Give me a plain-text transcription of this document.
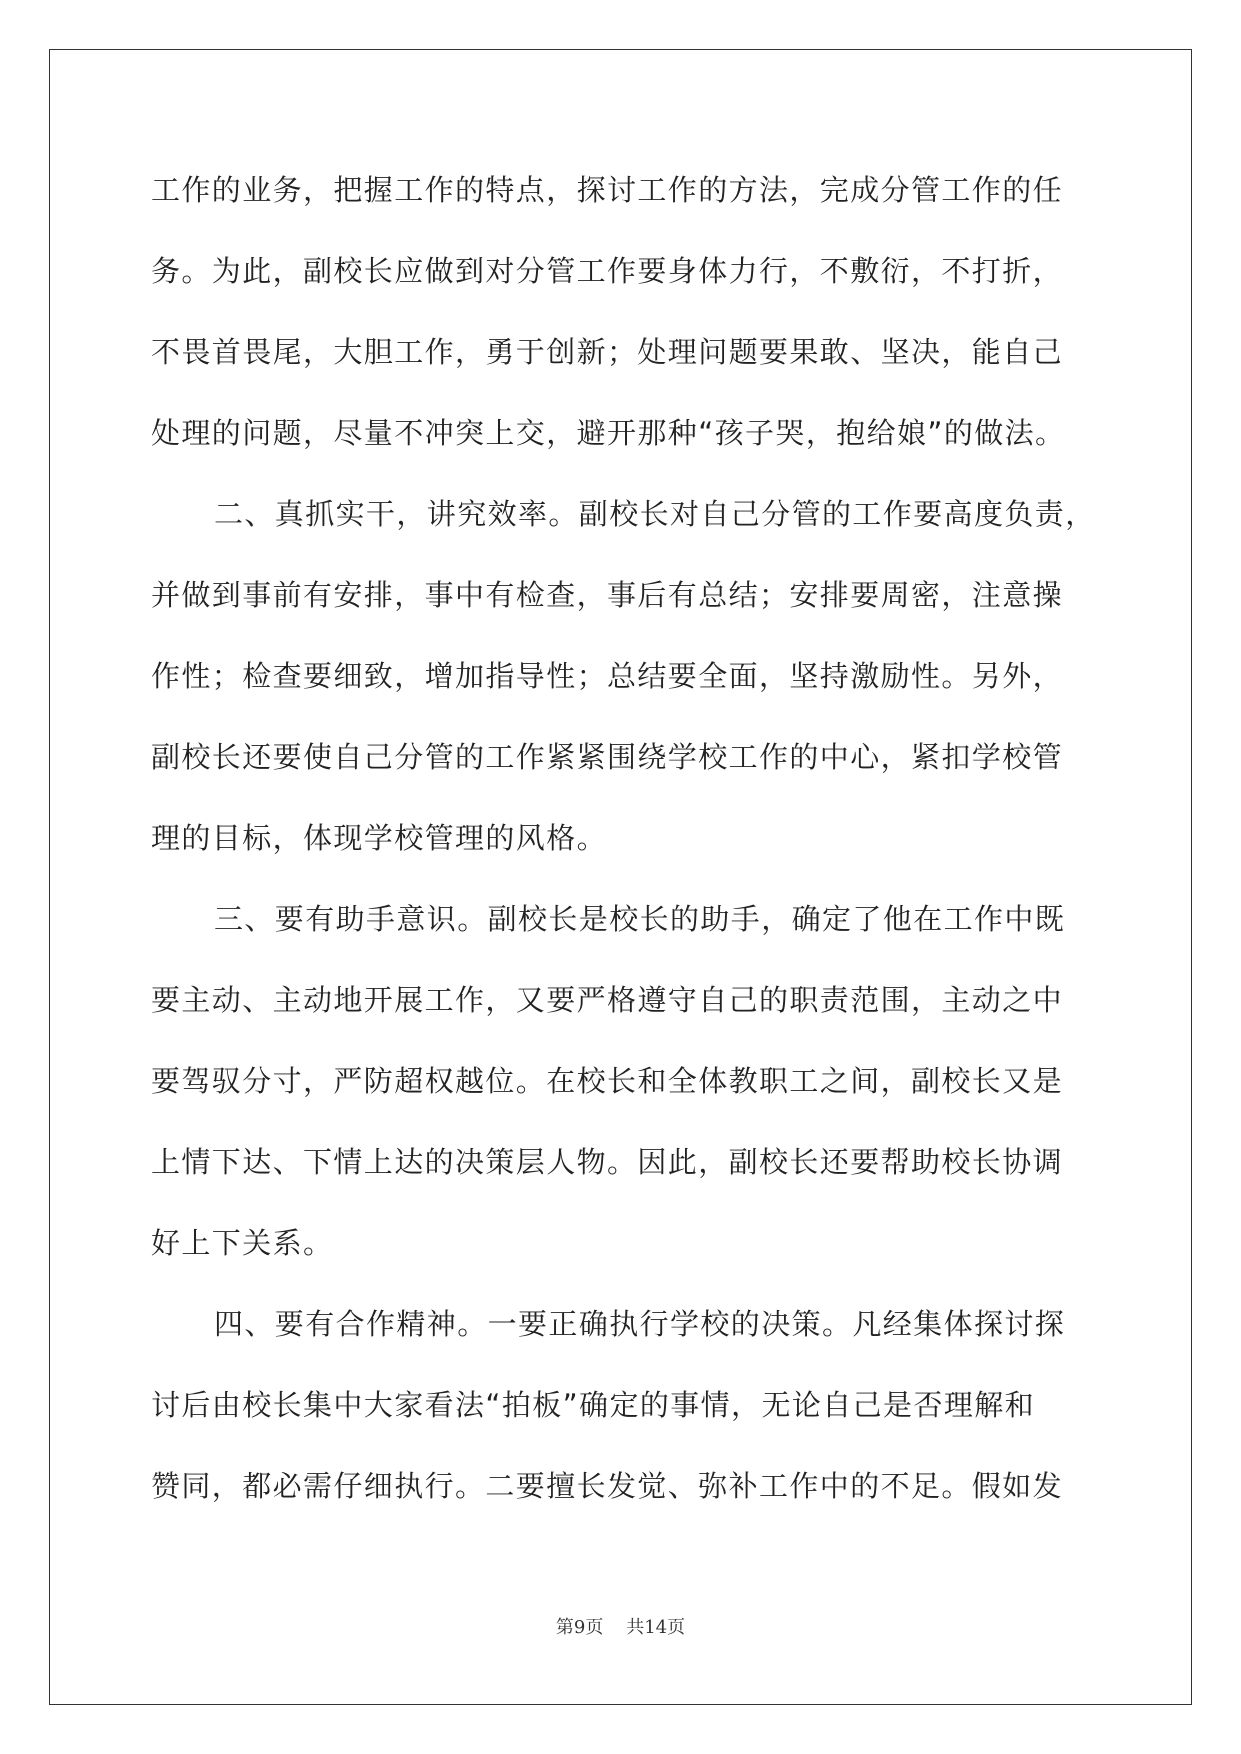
工作的业务，把握工作的特点，探讨工作的方法，完成分管工作的任
务。为此，副校长应做到对分管工作要身体力行，不敷衍，不打折，
不畏首畏尾，大胆工作，勇于创新；处理问题要果敢、坚决，能自己
处理的问题，尽量不冲突上交，避开那种“孩子哭，抱给娘”的做法。
二、真抓实干，讲究效率。副校长对自己分管的工作要高度负责，
并做到事前有安排，事中有检查，事后有总结；安排要周密，注意操
作性；检查要细致，增加指导性；总结要全面，坚持激励性。另外，
副校长还要使自己分管的工作紧紧围绕学校工作的中心，紧扣学校管
理的目标，体现学校管理的风格。
三、要有助手意识。副校长是校长的助手，确定了他在工作中既
要主动、主动地开展工作，又要严格遵守自己的职责范围，主动之中
要驾驭分寸，严防超权越位。在校长和全体教职工之间，副校长又是
上情下达、下情上达的决策层人物。因此，副校长还要帮助校长协调
好上下关系。
四、要有合作精神。一要正确执行学校的决策。凡经集体探讨探
讨后由校长集中大家看法“拍板”确定的事情，无论自己是否理解和
赞同，都必需仔细执行。二要擅长发觉、弥补工作中的不足。假如发
第9页 共14页
